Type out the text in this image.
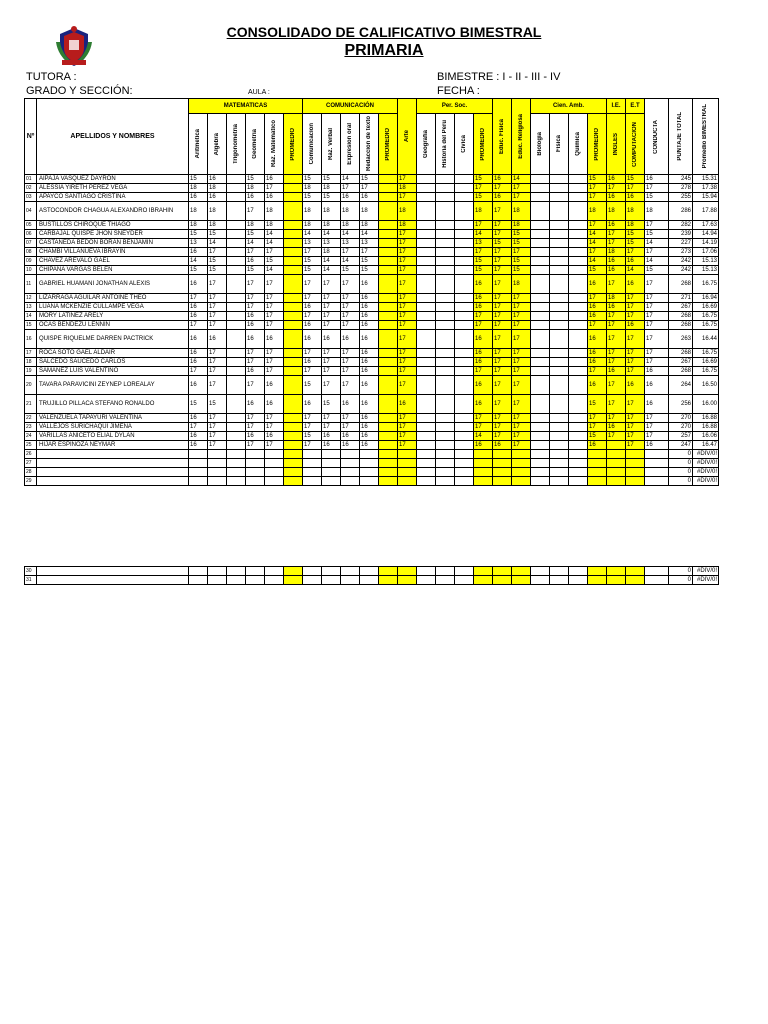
CONSOLIDADO DE CALIFICATIVO BIMESTRAL
PRIMARIA
TUTORA :
GRADO Y SECCIÓN:	AULA :
BIMESTRE : I - II - III - IV
FECHA :
Nº	APELLIDOS Y NOMBRES	MATEMATICAS						COMUNICACIÓN					Arte	Per. Soc.				Educ. Física	Educ. Religiosa	Cien. Amb.				I.E.	E.T	CONDUCTA	PUNTAJE TOTAL	Promedio BIMESTRAL

		Aritmetica	Algebra	Trigonometria	Geometria	Raz. Matematico	PROMEDIO	Comunicacion	Raz. Verbal	Expresion oral	Redaccion de texto	PROMEDIO		Geografia	Historia del Peru	Civica	PROMEDIO			Biologia	Fisica	Quimica	PROMEDIO	INGLES	COMPUTACION			

01	AIPAJA VASQUEZ DAYRON	15	16		15	16		15	15	14	15		17				15	16	14				15	16	15	16	245	15.31
02	ALESSIA YIRETH PEREZ VEGA	18	18		18	17		18	18	17	17		18				17	17	17				17	17	17	17	278	17.38
03	APAYCO SANTIAGO CRISTINA	16	16		16	16		15	15	16	16		17				15	16	17				17	16	16	15	255	15.94
04	ASTOCONDOR CHAGUA ALEXANDRO IBRAHIN	18	18		17	18		18	18	18	18		18				18	17	18				18	18	18	18	286	17.88
05	BUSTILLOS CHIROQUE THIAGO	18	18		18	18		18	18	18	18		18				17	17	18				17	16	18	17	282	17.63
06	CARBAJAL QUISPE JHON SNEYDER	15	15		15	14		14	14	14	14		17				14	17	15				14	17	15	15	239	14.94
07	CASTAÑEDA BEDON BORAN BENJAMIN	13	14		14	14		13	13	13	13		17				13	15	15				14	17	15	14	227	14.19
08	CHAMBI VILLANUEVA IBRAYIN	16	17		17	17		17	18	17	17		17				17	17	17				17	18	17	17	273	17.06
09	CHAVEZ AREVALO GAEL	14	15		16	15		15	14	14	15		17				15	17	15				14	16	16	14	242	15.13
10	CHIPANA VARGAS BELEN	15	15		15	14		15	14	15	15		17				15	17	15				15	16	14	15	242	15.13
11	GABRIEL HUAMANI JONATHAN ALEXIS	16	17		17	17		17	17	17	16		17				16	17	18				16	17	16	17	268	16.75
12	LIZARRAGA AGUILAR ANTOINE THEO	17	17		17	17		17	17	17	16		17				16	17	17				17	18	17	17	271	16.94
13	LUANA MCKENZIE CULLAMPE VEGA	16	17		17	17		16	17	17	16		17				16	17	17				16	16	17	17	267	16.69
14	MORY LATINEZ ARELY	16	17		16	17		17	17	17	16		17				17	17	17				16	17	17	17	268	16.75
15	OCAS BENDEZU LENNIN	17	17		16	17		16	17	17	16		17				17	17	17				17	17	16	17	268	16.75
16	QUISPE RIQUELME DARREN PACTRICK	16	16		16	16		16	16	16	16		17				16	17	17				16	17	17	17	263	16.44
17	ROCA SOTO GAEL ALDAIR	16	17		17	17		17	17	17	16		17				16	17	17				16	17	17	17	268	16.75
18	SALCEDO SAUCEDO CARLOS	16	17		17	17		16	17	17	16		17				16	17	17				16	17	17	17	267	16.69
19	SAMANEZ LUIS VALENTINO	17	17		16	17		17	17	17	16		17				17	17	17				17	16	17	16	268	16.75
20	TAVARA PARAVICINI ZEYNEP LOREALAY	16	17		17	16		15	17	17	16		17				16	17	17				16	17	16	16	264	16.50
21	TRUJILLO PILLACA STEFANO RONALDO	15	15		16	16		16	15	16	16		16				16	17	17				15	17	17	16	256	16.00
22	VALENZUELA TAPAYURI VALENTINA	16	17		17	17		17	17	17	16		17				17	17	17				17	17	17	17	270	16.88
23	VALLEJOS SURICHAQUI JIMENA	17	17		17	17		17	17	17	16		17				17	17	17				17	16	17	17	270	16.88
24	VARILLAS ANICETO ELIAL DYLAN	16	17		16	16		15	16	16	16		17				14	17	17				15	17	17	17	257	16.06
25	HIJAR ESPINOZA NEYMAR	16	17		17	17		17	16	16	16		17				16	16	17				16		17	16	247	16.47
26																											0	#DIV/0!
27																											0	#DIV/0!
28																											0	#DIV/0!
29																											0	#DIV/0!
30																											0	#DIV/0!
31																											0	#DIV/0!
